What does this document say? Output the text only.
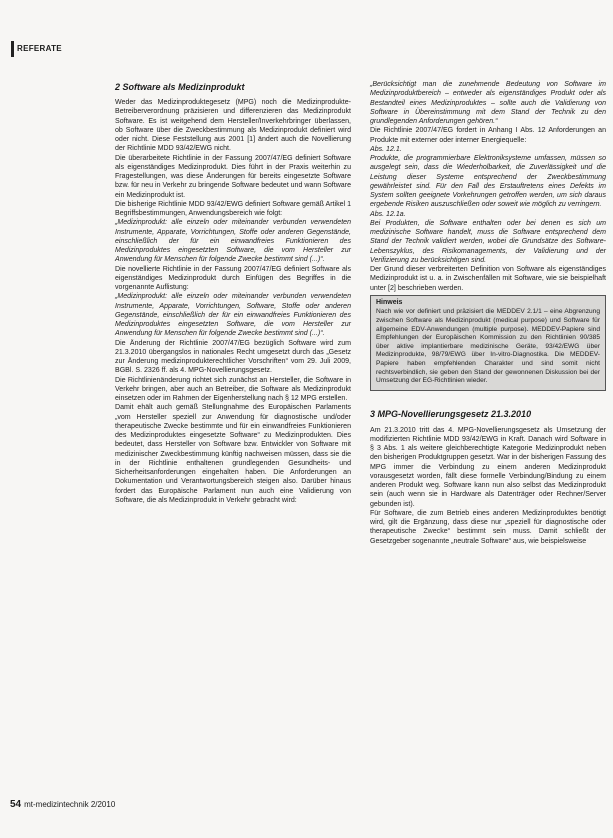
REFERATE
2 Software als Medizinprodukt

Weder das Medizinproduktegesetz (MPG) noch die Medizinprodukte-Betreiberverordnung präzisieren und differenzieren das Medizinprodukt Software. Es ist weitgehend dem Hersteller/Inverkehrbringer überlassen, ob Software über die Zweckbestimmung als Medizinprodukt definiert wird oder nicht. Diese Feststellung aus 2001 [1] ändert auch die Novellierung der Richtlinie MDD 93/42/EWG nicht.

Die überarbeitete Richtlinie in der Fassung 2007/47/EG definiert Software als eigenständiges Medizinprodukt. Dies führt in der Praxis weiterhin zu Fragestellungen, was diese Änderungen für bereits eingesetzte Software bzw. für neu in Verkehr zu bringende Software bedeutet und wann Software ein Medizinprodukt ist.

Die bisherige Richtlinie MDD 93/42/EWG definiert Software gemäß Artikel 1 Begriffsbestimmungen, Anwendungsbereich wie folgt:

„Medizinprodukt: alle einzeln oder miteinander verbunden verwendeten Instrumente, Apparate, Vorrichtungen, Stoffe oder anderen Gegenstände, einschließlich der für ein einwandfreies Funktionieren des Medizinproduktes eingesetzten Software, die vom Hersteller zur Anwendung für Menschen für folgende Zwecke bestimmt sind (...)“.

Die novellierte Richtlinie in der Fassung 2007/47/EG definiert Software als eigenständiges Medizinprodukt durch Einfügen des Begriffes in die vorgenannte Auflistung:

„Medizinprodukt: alle einzeln oder miteinander verbunden verwendeten Instrumente, Apparate, Vorrichtungen, Software, Stoffe oder anderen Gegenstände, einschließlich der für ein einwandfreies Funktionieren des Medizinproduktes eingesetzten Software, die vom Hersteller zur Anwendung für Menschen für folgende Zwecke bestimmt sind (...)“.

Die Änderung der Richtlinie 2007/47/EG bezüglich Software wird zum 21.3.2010 übergangslos in nationales Recht umgesetzt durch das „Gesetz zur Änderung medizinprodukterechtlicher Vorschriften“ vom 29. Juli 2009, BGBl. S. 2326 ff. als 4. MPG-Novellierungsgesetz.

Die Richtlinienänderung richtet sich zunächst an Hersteller, die Software in Verkehr bringen, aber auch an Betreiber, die Software als Medizinprodukt einsetzen oder im Rahmen der Eigenherstellung nach § 12 MPG erstellen.

Damit ehält auch gemäß Stellungnahme des Europäischen Parlaments „vom Hersteller speziell zur Anwendung für diagnostische und/oder therapeutische Zwecke bestimmte und für ein einwandfreies Funktionieren des Medizinproduktes eingesetzte Software“ zu Medizinprodukten. Dies bedeutet, dass Hersteller von Software bzw. Entwickler von Software mit medizinischer Zweckbestimmung künftig nachweisen müssen, dass sie die in der Richtlinie enthaltenen grundlegenden Gesundheits- und Sicherheitsanforderungen eingehalten haben. Die Anforderungen an Dokumentation und Verantwortungsbereich steigen also. Darüber hinaus fordert das Europäische Parlament nun auch eine Validierung von Software, die als Medizinprodukt in Verkehr gebracht wird:

„Berücksichtigt man die zunehmende Bedeutung von Software im Medizinproduktbereich – entweder als eigenständiges Produkt oder als Bestandteil eines Medizinproduktes – sollte auch die Validierung von Software in Übereinstimmung mit dem Stand der Technik zu den grundlegenden Anforderungen gehören.“

Die Richtlinie 2007/47/EG fordert in Anhang I Abs. 12 Anforderungen an Produkte mit externer oder interner Energiequelle:

Abs. 12.1.

Produkte, die programmierbare Elektroniksysteme umfassen, müssen so ausgelegt sein, dass die Wiederholbarkeit, die Zuverlässigkeit und die Leistung dieser Systeme entsprechend der Zweckbestimmung gewährleistet sind. Für den Fall des Erstauftretens eines Defekts im System sollten geeignete Vorkehrungen getroffen werden, um sich daraus ergebende Risiken auszuschließen oder soweit wie möglich zu verringern.

Abs. 12.1a.

Bei Produkten, die Software enthalten oder bei denen es sich um medizinische Software handelt, muss die Software entsprechend dem Stand der Technik validiert werden, wobei die Grundsätze des Software-Lebenszyklus, des Risikomanagements, der Validierung und der Verifizierung zu berücksichtigen sind.

Der Grund dieser verbreiterten Definition von Software als eigenständiges Medizinprodukt ist u. a. in Zwischenfällen mit Software, wie sie beispielhaft unter [2] beschrieben werden.

Hinweis
Nach wie vor definiert und präzisiert die MEDDEV 2.1/1 – eine Abgrenzung zwischen Software als Medizinprodukt (medical purpose) und Software für allgemeine EDV-Anwendungen (multiple purpose). MEDDEV-Papiere sind Empfehlungen der Europäischen Kommission zu den Richtlinien 90/385 über aktive implantierbare medizinische Geräte, 93/42/EWG über Medizinprodukte, 98/79/EWG über In-vitro-Diagnostika. Die MEDDEV-Papiere haben empfehlenden Charakter und sind somit nicht rechtsverbindlich, sie geben den Stand der gewonnenen Diskussion bei der Umsetzung der EG-Richtlinien wieder.
3 MPG-Novellierungsgesetz 21.3.2010

Am 21.3.2010 tritt das 4. MPG-Novellierungsgesetz als Umsetzung der modifizierten Richtlinie MDD 93/42/EWG in Kraft. Danach wird Software in § 3 Abs. 1 als weitere gleichberechtigte Kategorie Medizinprodukt neben den bisherigen Produktgruppen gesetzt. War in der bisherigen Fassung des MPG immer die Verbindung zu einem anderen Medizinprodukt vorausgesetzt worden, fällt diese formelle Verbindung/Bindung zu einem anderen Produkt weg. Software kann nun also selbst das Medizinprodukt sein (auch wenn sie in Hardware als Datenträger oder Rechner/Server gebunden ist).

Für Software, die zum Betrieb eines anderen Medizinproduktes benötigt wird, gilt die Ergänzung, dass diese nur „speziell für diagnostische oder therapeutische Zwecke“ bestimmt sein muss. Damit schließt der Gesetzgeber sogenannte „neutrale Software“ aus, wie beispielsweise

54 mt-medizintechnik 2/2010
